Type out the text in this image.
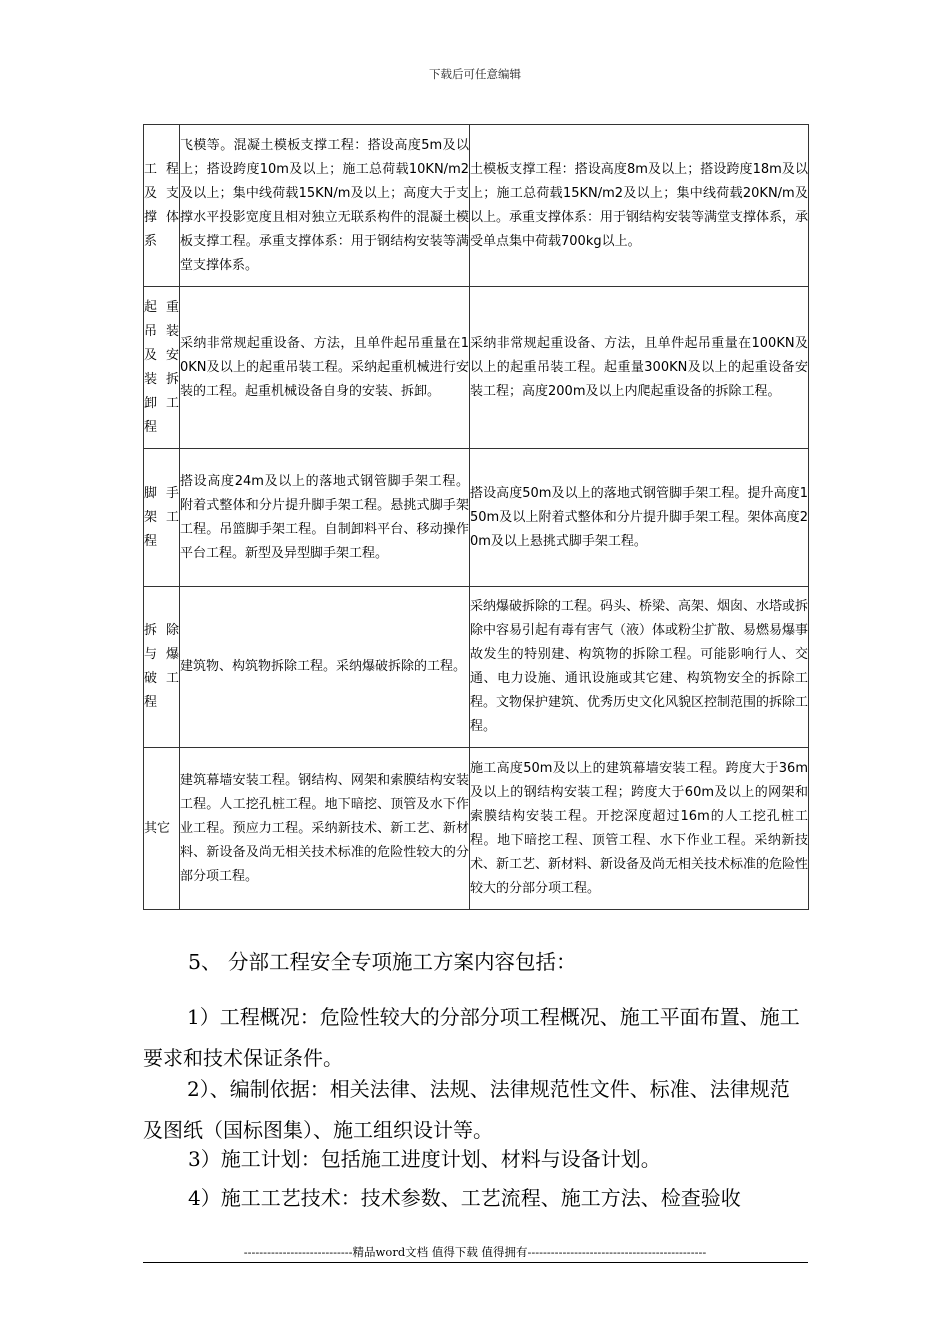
下载后可任意编辑
工程及支撑体系	飞模等。混凝土模板支撑工程：搭设高度5m及以上；搭设跨度10m及以上；施工总荷载10KN/m2及以上；集中线荷载15KN/m及以上；高度大于支撑水平投影宽度且相对独立无联系构件的混凝土模板支撑工程。承重支撑体系：用于钢结构安装等满堂支撑体系。	土模板支撑工程：搭设高度8m及以上；搭设跨度18m及以上；施工总荷载15KN/m2及以上；集中线荷载20KN/m及以上。承重支撑体系：用于钢结构安装等满堂支撑体系，承受单点集中荷载700kg以上。
起重吊装及安装拆卸工程	采纳非常规起重设备、方法，且单件起吊重量在10KN及以上的起重吊装工程。采纳起重机械进行安装的工程。起重机械设备自身的安装、拆卸。	采纳非常规起重设备、方法，且单件起吊重量在100KN及以上的起重吊装工程。起重量300KN及以上的起重设备安装工程；高度200m及以上内爬起重设备的拆除工程。
脚手架工程	搭设高度24m及以上的落地式钢管脚手架工程。附着式整体和分片提升脚手架工程。悬挑式脚手架工程。吊篮脚手架工程。自制卸料平台、移动操作平台工程。新型及异型脚手架工程。	搭设高度50m及以上的落地式钢管脚手架工程。提升高度150m及以上附着式整体和分片提升脚手架工程。架体高度20m及以上悬挑式脚手架工程。
拆除与爆破工程	建筑物、构筑物拆除工程。采纳爆破拆除的工程。	采纳爆破拆除的工程。码头、桥梁、高架、烟囱、水塔或拆除中容易引起有毒有害气（液）体或粉尘扩散、易燃易爆事故发生的特别建、构筑物的拆除工程。可能影响行人、交通、电力设施、通讯设施或其它建、构筑物安全的拆除工程。文物保护建筑、优秀历史文化风貌区控制范围的拆除工程。
其它	建筑幕墙安装工程。钢结构、网架和索膜结构安装工程。人工挖孔桩工程。地下暗挖、顶管及水下作业工程。预应力工程。采纳新技术、新工艺、新材料、新设备及尚无相关技术标准的危险性较大的分部分项工程。	施工高度50m及以上的建筑幕墙安装工程。跨度大于36m及以上的钢结构安装工程；跨度大于60m及以上的网架和索膜结构安装工程。开挖深度超过16m的人工挖孔桩工程。地下暗挖工程、顶管工程、水下作业工程。采纳新技术、新工艺、新材料、新设备及尚无相关技术标准的危险性较大的分部分项工程。
5、 分部工程安全专项施工方案内容包括：
1）工程概况：危险性较大的分部分项工程概况、施工平面布置、施工要求和技术保证条件。
2）、编制依据：相关法律、法规、法律规范性文件、标准、法律规范及图纸（国标图集）、施工组织设计等。
3）施工计划：包括施工进度计划、材料与设备计划。
4）施工工艺技术：技术参数、工艺流程、施工方法、检查验收
----------------------------精品word文档 值得下载 值得拥有----------------------------------------------
